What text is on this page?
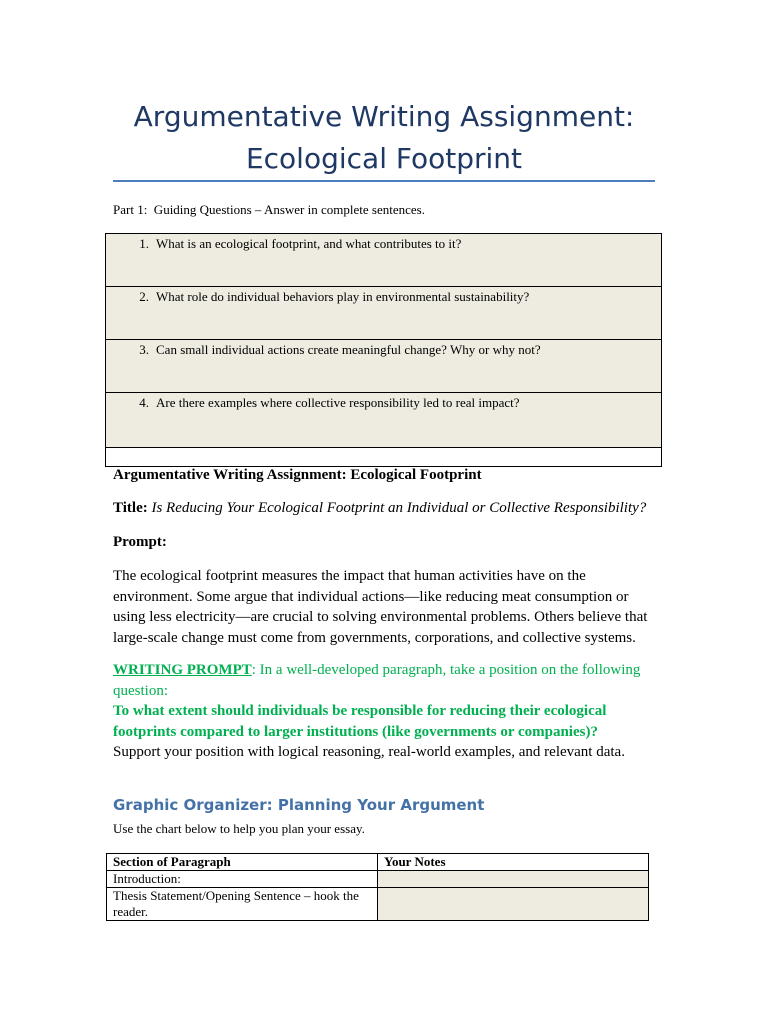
Argumentative Writing Assignment:
Ecological Footprint
Part 1:  Guiding Questions – Answer in complete sentences.
1. What is an ecological footprint, and what contributes to it?

2. What role do individual behaviors play in environmental sustainability?

3. Can small individual actions create meaningful change? Why or why not?

4. Are there examples where collective responsibility led to real impact?

Argumentative Writing Assignment: Ecological Footprint
Title: Is Reducing Your Ecological Footprint an Individual or Collective Responsibility?
Prompt:

The ecological footprint measures the impact that human activities have on the environment. Some argue that individual actions—like reducing meat consumption or using less electricity—are crucial to solving environmental problems. Others believe that large-scale change must come from governments, corporations, and collective systems.

WRITING PROMPT: In a well-developed paragraph, take a position on the following question:
To what extent should individuals be responsible for reducing their ecological footprints compared to larger institutions (like governments or companies)?
Support your position with logical reasoning, real-world examples, and relevant data.
Graphic Organizer: Planning Your Argument
Use the chart below to help you plan your essay.
Section of Paragraph	Your Notes
Introduction:	
Thesis Statement/Opening Sentence – hook the reader.	
